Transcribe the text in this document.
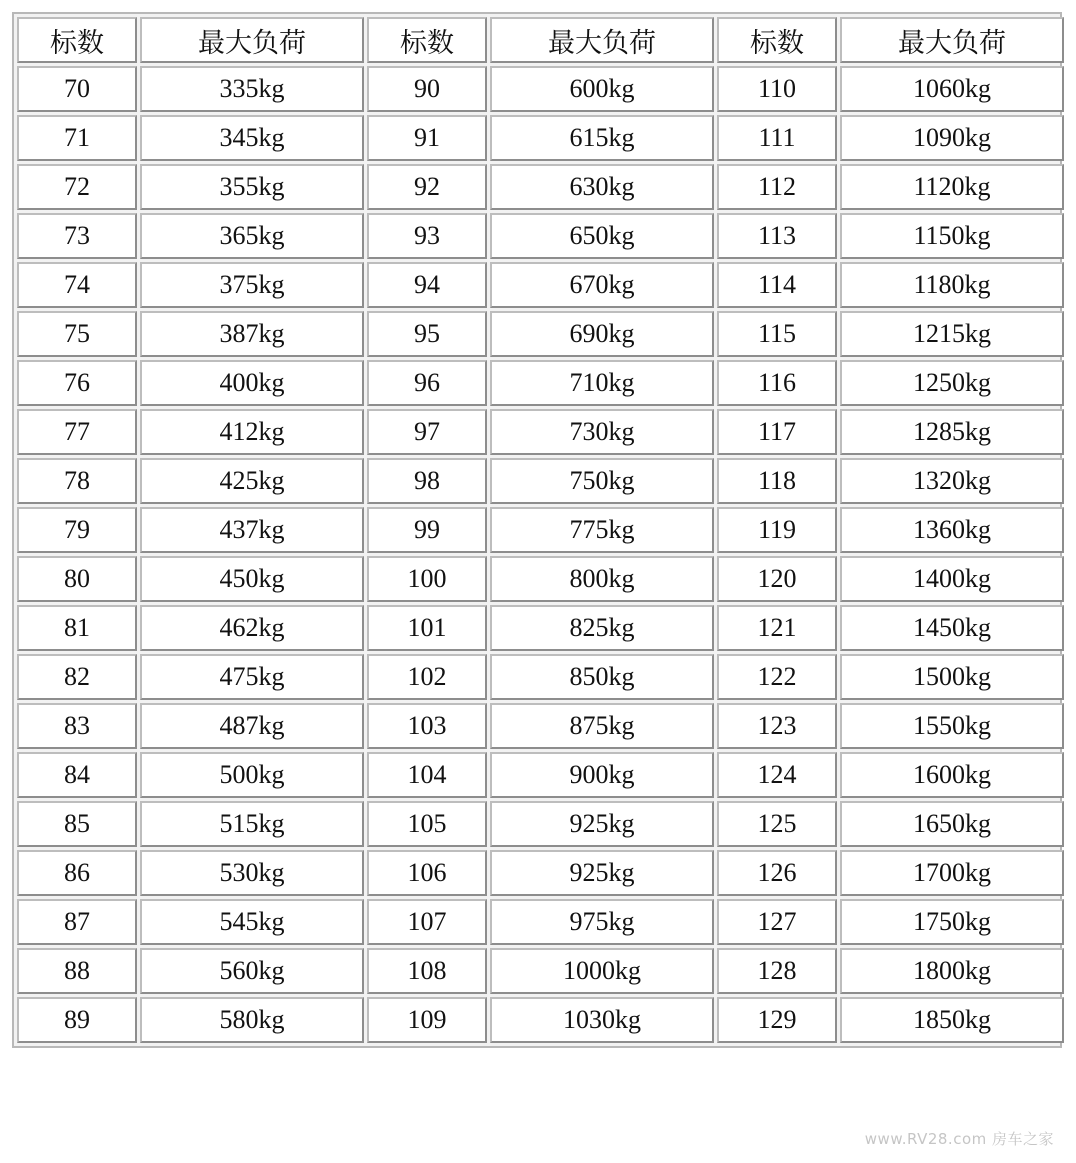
标数	最大负荷	标数	最大负荷	标数	最大负荷
70	335kg	90	600kg	110	1060kg
71	345kg	91	615kg	111	1090kg
72	355kg	92	630kg	112	1120kg
73	365kg	93	650kg	113	1150kg
74	375kg	94	670kg	114	1180kg
75	387kg	95	690kg	115	1215kg
76	400kg	96	710kg	116	1250kg
77	412kg	97	730kg	117	1285kg
78	425kg	98	750kg	118	1320kg
79	437kg	99	775kg	119	1360kg
80	450kg	100	800kg	120	1400kg
81	462kg	101	825kg	121	1450kg
82	475kg	102	850kg	122	1500kg
83	487kg	103	875kg	123	1550kg
84	500kg	104	900kg	124	1600kg
85	515kg	105	925kg	125	1650kg
86	530kg	106	925kg	126	1700kg
87	545kg	107	975kg	127	1750kg
88	560kg	108	1000kg	128	1800kg
89	580kg	109	1030kg	129	1850kg
www.RV28.com 房车之家
